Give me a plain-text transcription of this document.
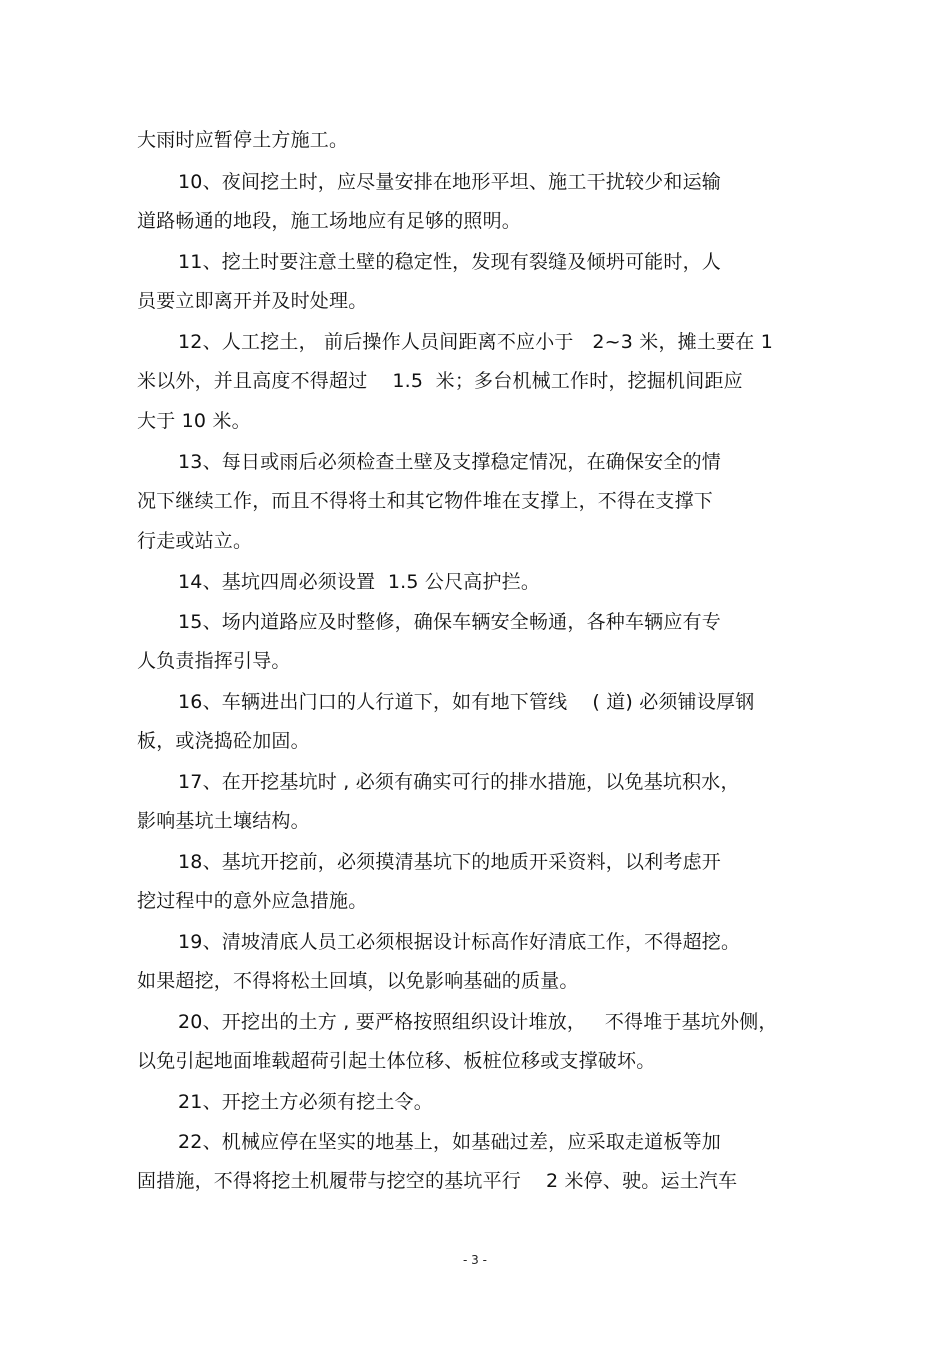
大雨时应暂停土方施工。
10、夜间挖土时，应尽量安排在地形平坦、施工干扰较少和运输
道路畅通的地段，施工场地应有足够的照明。
11、挖土时要注意土壁的稳定性，发现有裂缝及倾坍可能时，人
员要立即离开并及时处理。
12、人工挖土， 前后操作人员间距离不应小于   2~3 米，摊土要在 1
米以外，并且高度不得超过    1.5  米；多台机械工作时，挖掘机间距应
大于 10 米。
13、每日或雨后必须检查土壁及支撑稳定情况，在确保安全的情
况下继续工作，而且不得将土和其它物件堆在支撑上，不得在支撑下
行走或站立。
14、基坑四周必须设置  1.5 公尺高护拦。
15、场内道路应及时整修，确保车辆安全畅通，各种车辆应有专
人负责指挥引导。
16、车辆进出门口的人行道下，如有地下管线    ( 道) 必须铺设厚钢
板，或浇捣砼加固。
17、在开挖基坑时 , 必须有确实可行的排水措施，以免基坑积水，
影响基坑土壤结构。
18、基坑开挖前，必须摸清基坑下的地质开采资料，以利考虑开
挖过程中的意外应急措施。
19、清坡清底人员工必须根据设计标高作好清底工作，不得超挖。
如果超挖，不得将松土回填，以免影响基础的质量。
20、开挖出的土方 , 要严格按照组织设计堆放，   不得堆于基坑外侧，
以免引起地面堆载超荷引起土体位移、板桩位移或支撑破坏。
21、开挖土方必须有挖土令。
22、机械应停在坚实的地基上，如基础过差，应采取走道板等加
固措施，不得将挖土机履带与挖空的基坑平行    2 米停、驶。运土汽车
- 3 -
